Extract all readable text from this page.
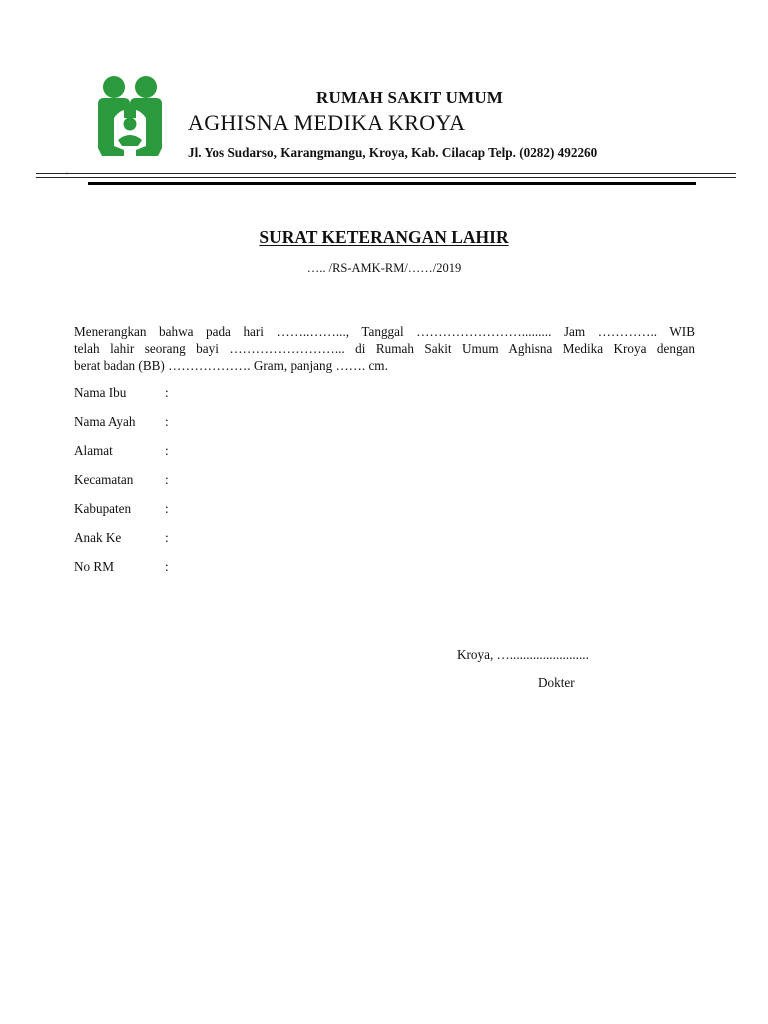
RUMAH SAKIT UMUM
AGHISNA MEDIKA KROYA
Jl. Yos Sudarso, Karangmangu, Kroya, Kab. Cilacap Telp. (0282) 492260
′
SURAT KETERANGAN LAHIR
….. /RS-AMK-RM/……/2019
Menerangkan bahwa pada hari ……..……..., Tanggal ……………………......... Jam ………….. WIB
telah lahir seorang bayi ……………………... di Rumah Sakit Umum Aghisna Medika Kroya dengan
berat badan (BB) ………………. Gram, panjang ……. cm.
Nama Ibu	:
Nama Ayah :
Alamat	:
Kecamatan :
Kabupaten	:
Anak Ke	:
No RM	:
Kroya, …........................
Dokter
